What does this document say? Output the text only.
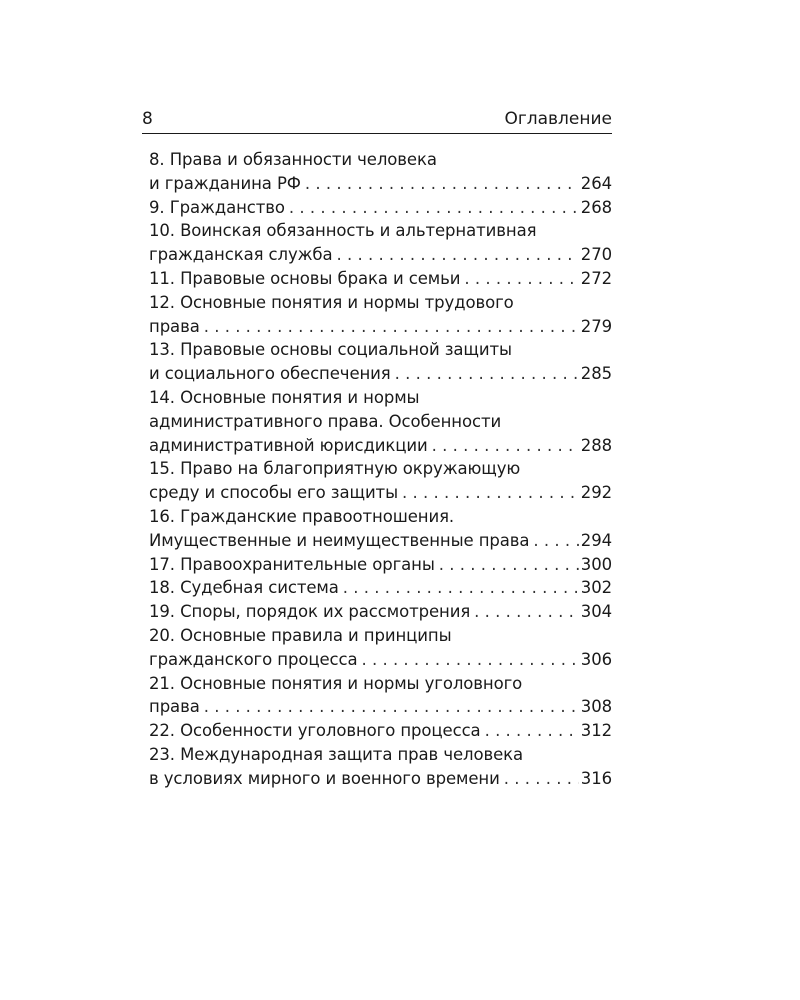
8	Оглавление
8. Права и обязанности человека
и гражданина РФ . . .	264
9. Гражданство . . .	268
10. Воинская обязанность и альтернативная
гражданская служба . . .	270
11. Правовые основы брака и семьи . . .	272
12. Основные понятия и нормы трудового
права . . .	279
13. Правовые основы социальной защиты
и социального обеспечения . . .	285
14. Основные понятия и нормы
административного права. Особенности
административной юрисдикции . . .	288
15. Право на благоприятную окружающую
среду и способы его защиты . . .	292
16. Гражданские правоотношения.
Имущественные и неимущественные права . . .	294
17. Правоохранительные органы . . .	300
18. Судебная система . . .	302
19. Споры, порядок их рассмотрения . . .	304
20. Основные правила и принципы
гражданского процесса . . .	306
21. Основные понятия и нормы уголовного
права . . .	308
22. Особенности уголовного процесса . . .	312
23. Международная защита прав человека
в условиях мирного и военного времени . . .	316
